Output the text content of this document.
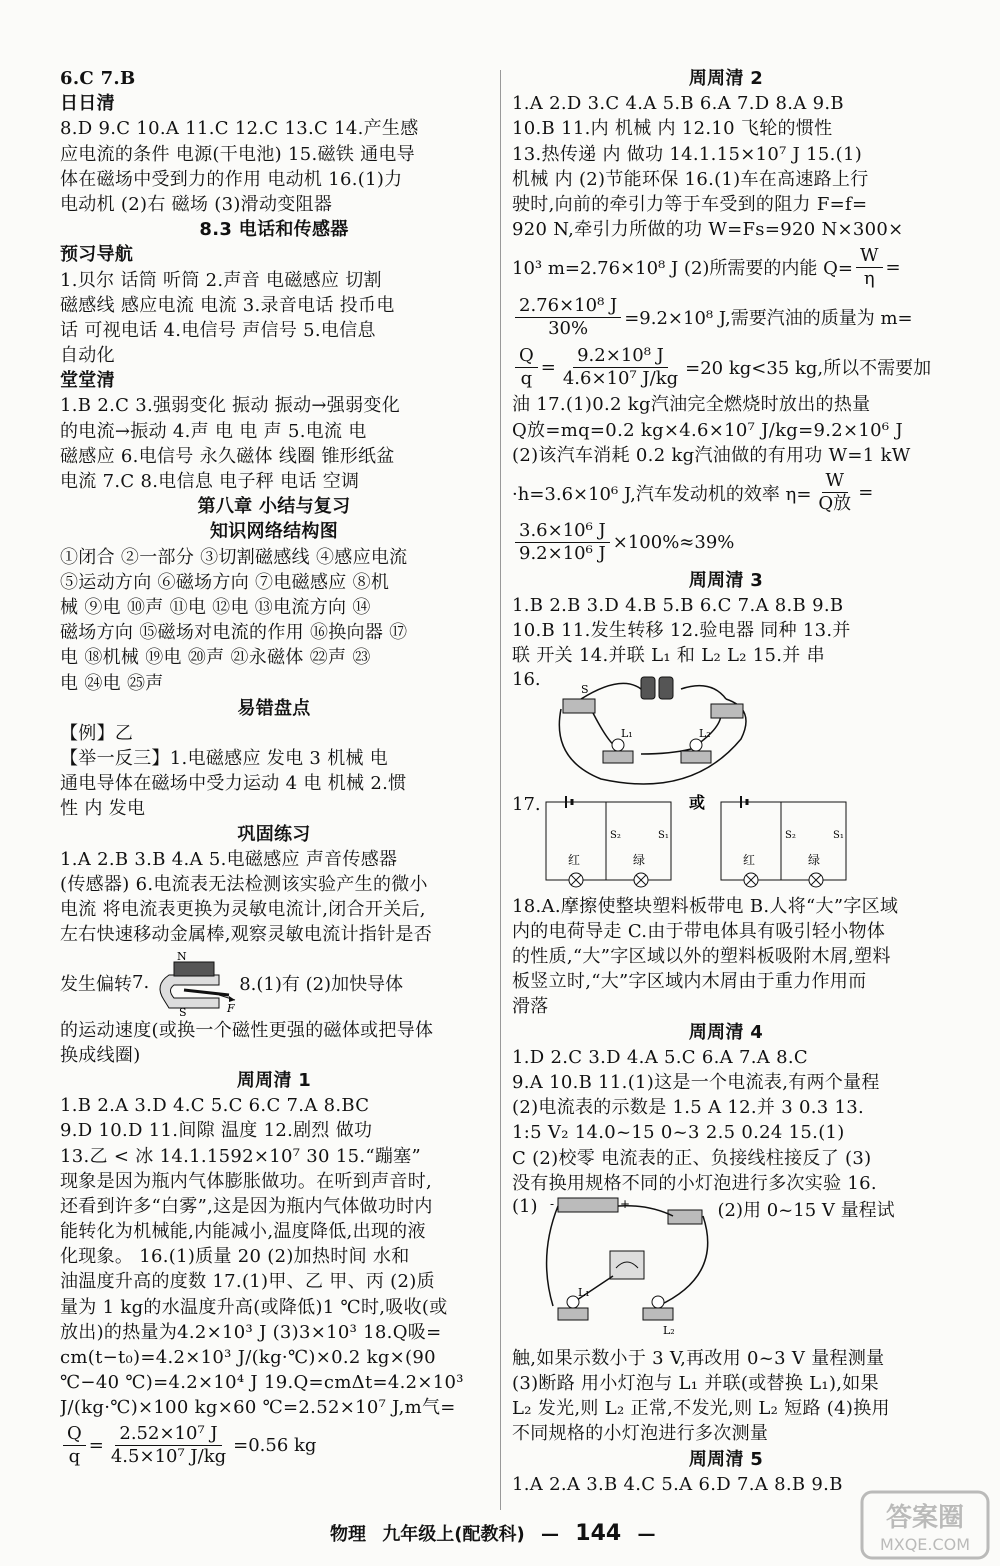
6.C 7.B
日日清
8.D 9.C 10.A 11.C 12.C 13.C 14.产生感
应电流的条件 电源(干电池) 15.磁铁 通电导
体在磁场中受到力的作用 电动机 16.(1)力
电动机 (2)右 磁场 (3)滑动变阻器
8.3 电话和传感器
预习导航
1.贝尔 话筒 听筒 2.声音 电磁感应 切割
磁感线 感应电流 电流 3.录音电话 投币电
话 可视电话 4.电信号 声信号 5.电信息
自动化
堂堂清
1.B 2.C 3.强弱变化 振动 振动→强弱变化
的电流→振动 4.声 电 电 声 5.电流 电
磁感应 6.电信号 永久磁体 线圈 锥形纸盆
电流 7.C 8.电信息 电子秤 电话 空调
第八章 小结与复习
知识网络结构图
①闭合 ②一部分 ③切割磁感线 ④感应电流
⑤运动方向 ⑥磁场方向 ⑦电磁感应 ⑧机
械 ⑨电 ⑩声 ⑪电 ⑫电 ⑬电流方向 ⑭
磁场方向 ⑮磁场对电流的作用 ⑯换向器 ⑰
电 ⑱机械 ⑲电 ⑳声 ㉑永磁体 ㉒声 ㉓
电 ㉔电 ㉕声
易错盘点
【例】乙
【举一反三】1.电磁感应 发电 3 机械 电
通电导体在磁场中受力运动 4 电 机械 2.惯
性 内 发电
巩固练习
1.A 2.B 3.B 4.A 5.电磁感应 声音传感器
(传感器) 6.电流表无法检测该实验产生的微小
电流 将电流表更换为灵敏电流计,闭合开关后,
左右快速移动金属棒,观察灵敏电流计指针是否
发生偏转 7.
N
S	F
8.(1)有 (2)加快导体
的运动速度(或换一个磁性更强的磁体或把导体
换成线圈)
周周清 1
1.B 2.A 3.D 4.C 5.C 6.C 7.A 8.BC
9.D 10.D 11.间隙 温度 12.剧烈 做功
13.乙 < 冰 14.1.1592×10⁷ 30 15.“蹦塞”
现象是因为瓶内气体膨胀做功。在听到声音时,
还看到许多“白雾”,这是因为瓶内气体做功时内
能转化为机械能,内能减小,温度降低,出现的液
化现象。 16.(1)质量 20 (2)加热时间 水和
油温度升高的度数 17.(1)甲、乙 甲、丙 (2)质
量为 1 kg的水温度升高(或降低)1 ℃时,吸收(或
放出)的热量为4.2×10³ J (3)3×10³ 18.Q吸=
cm(t−t₀)=4.2×10³ J/(kg·℃)×0.2 kg×(90
℃−40 ℃)=4.2×10⁴ J 19.Q=cmΔt=4.2×10³
J/(kg·℃)×100 kg×60 ℃=2.52×10⁷ J,m气=
$\frac{Q}{q} = \frac{\text{2.52×10⁷ J}}{\text{4.5×10⁷ J/kg}} =0.56$ kg
周周清 2
1.A 2.D 3.C 4.A 5.B 6.A 7.D 8.A 9.B
10.B 11.内 机械 内 12.10 飞轮的惯性
13.热传递 内 做功 14.1.15×10⁷ J 15.(1)
机械 内 (2)节能环保 16.(1)车在高速路上行
驶时,向前的牵引力等于车受到的阻力 F=f=
920 N,牵引力所做的功 W=Fs=920 N×300×
10³ m=2.76×10⁸ J (2)所需要的内能 $Q= \frac{W}{\eta}$ =
$\frac{\text{2.76×10⁸ J}}{30\%} =9.2\times 10^8$ J,需要汽油的质量为 m=
$\frac{Q}{q} = \frac{\text{9.2×10⁸ J}}{\text{4.6×10⁷ J/kg}} =20$ kg<35 kg,所以不需要加
油 17.(1)0.2 kg汽油完全燃烧时放出的热量
Q放=mq=0.2 kg×4.6×10⁷ J/kg=9.2×10⁶ J
(2)该汽车消耗 0.2 kg汽油做的有用功 W=1 kW
·h=3.6×10⁶ J,汽车发动机的效率 η=
W
Q放
=
$\frac{\text{3.6×10⁶ J}}{\text{9.2×10⁶ J}} \times 100\%\approx 39\%$
周周清 3
1.B 2.B 3.D 4.B 5.B 6.C 7.A 8.B 9.B
10.B 11.发生转移 12.验电器 同种 13.并
联 开关 14.并联 L₁ 和 L₂ L₂ 15.并 串
16.	S
L₁	L₂
17.
红	绿
S₂	S₁
或
红	绿
S₂	S₁
18.A.摩擦使整块塑料板带电 B.人将“大”字区域
内的电荷导走 C.由于带电体具有吸引轻小物体
的性质,“大”字区域以外的塑料板吸附木屑,塑料
板竖立时,“大”字区域内木屑由于重力作用而
滑落
周周清 4
1.D 2.C 3.D 4.A 5.C 6.A 7.A 8.C
9.A 10.B 11.(1)这是一个电流表,有两个量程
(2)电流表的示数是 1.5 A 12.并 3 0.3 13.
1:5 V₂ 14.0~15 0~3 2.5 0.24 15.(1)
C (2)校零 电流表的正、负接线柱接反了 (3)
没有换用规格不同的小灯泡进行多次实验 16.
(1) -	+
L₁
L₂
(2)用 0~15 V 量程试
触,如果示数小于 3 V,再改用 0~3 V 量程测量
(3)断路 用小灯泡与 L₁ 并联(或替换 L₁),如果
L₂ 发光,则 L₂ 正常,不发光,则 L₂ 短路 (4)换用
不同规格的小灯泡进行多次测量
周周清 5
1.A 2.A 3.B 4.C 5.A 6.D 7.A 8.B 9.B
物理 九年级上(配教科) — 144 —
答案圈
MXQE.COM
